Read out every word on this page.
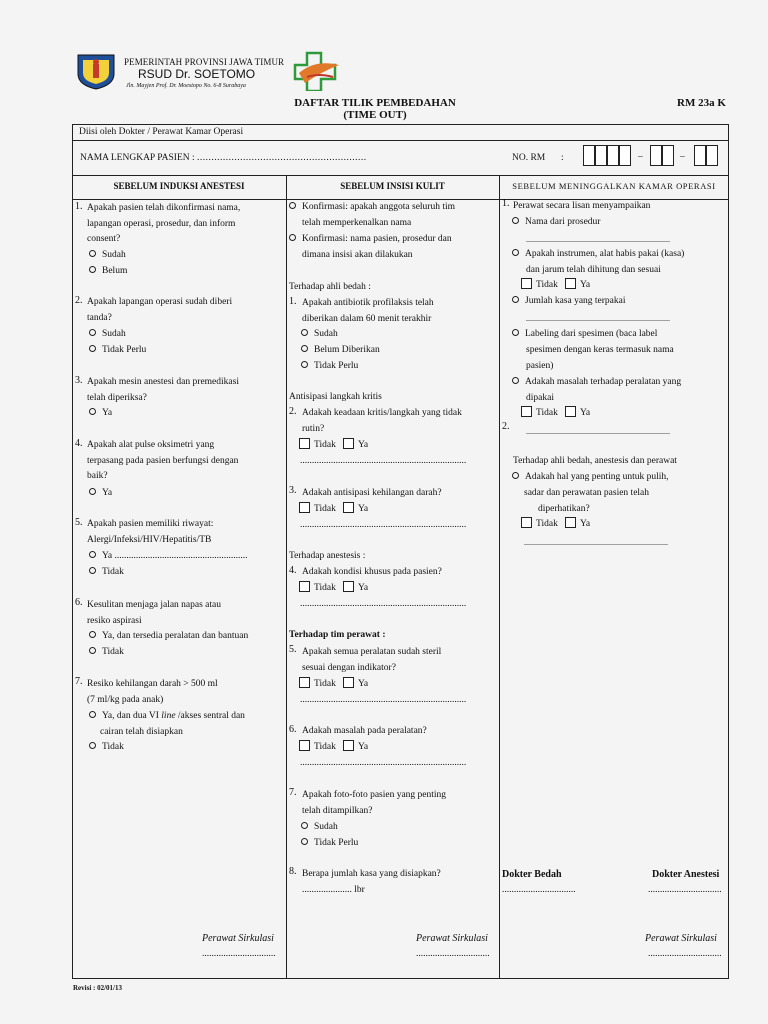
PEMERINTAH PROVINSI JAWA TIMUR
RSUD Dr. SOETOMO
Jln. Mayjen Prof. Dr. Moestopo No. 6-8 Surabaya
DAFTAR TILIK PEMBEDAHAN
(TIME OUT)
RM 23a K
Diisi oleh Dokter / Perawat Kamar Operasi
NAMA LENGKAP PASIEN : ...........................................................	NO. RM :	–	–
SEBELUM INDUKSI ANESTESI	SEBELUM INSISI KULIT	SEBELUM MENINGGALKAN KAMAR OPERASI
1. Apakah pasien telah dikonfirmasi nama,
lapangan operasi, prosedur, dan inform
consent?
Sudah
Belum
2. Apakah lapangan operasi sudah diberi
tanda?
Sudah
Tidak Perlu
3. Apakah mesin anestesi dan premedikasi
telah diperiksa?
Ya
4. Apakah alat pulse oksimetri yang
terpasang pada pasien berfungsi dengan
baik?
Ya
5. Apakah pasien memiliki riwayat:
Alergi/Infeksi/HIV/Hepatitis/TB
Ya ........................................................
Tidak
6. Kesulitan menjaga jalan napas atau
resiko aspirasi
Ya, dan tersedia peralatan dan bantuan
Tidak
7. Resiko kehilangan darah > 500 ml
(7 ml/kg pada anak)
Ya, dan dua VI line /akses sentral dan
cairan telah disiapkan
Tidak
Perawat Sirkulasi
...............................
Konfirmasi: apakah anggota seluruh tim
telah memperkenalkan nama
Konfirmasi: nama pasien, prosedur dan
dimana insisi akan dilakukan
Terhadap ahli bedah :
1. Apakah antibiotik profilaksis telah
diberikan dalam 60 menit terakhir
Sudah
Belum Diberikan
Tidak Perlu
Antisipasi langkah kritis
2. Adakah keadaan kritis/langkah yang tidak
rutin?
Tidak Ya
......................................................................
3. Adakah antisipasi kehilangan darah?
Tidak Ya
......................................................................
Terhadap anestesis :
4. Adakah kondisi khusus pada pasien?
Tidak Ya
......................................................................
Terhadap tim perawat :
5. Apakah semua peralatan sudah steril
sesuai dengan indikator?
Tidak Ya
......................................................................
6. Adakah masalah pada peralatan?
Tidak Ya
......................................................................
7. Apakah foto-foto pasien yang penting
telah ditampilkan?
Sudah
Tidak Perlu
8. Berapa jumlah kasa yang disiapkan?
..................... lbr
Perawat Sirkulasi
...............................
1. Perawat secara lisan menyampaikan
Nama dari prosedur
........................................................................
Apakah instrumen, alat habis pakai (kasa)
dan jarum telah dihitung dan sesuai
Tidak Ya
Jumlah kasa yang terpakai
........................................................................
Labeling dari spesimen (baca label
spesimen dengan keras termasuk nama
pasien)
Adakah masalah terhadap peralatan yang
dipakai
Tidak Ya
2. ........................................................................
Terhadap ahli bedah, anestesis dan perawat
Adakah hal yang penting untuk pulih,
sadar dan perawatan pasien telah
diperhatikan?
Tidak Ya
........................................................................
Dokter Bedah
...............................
Dokter Anestesi
...............................
Perawat Sirkulasi
...............................
Revisi : 02/01/13
